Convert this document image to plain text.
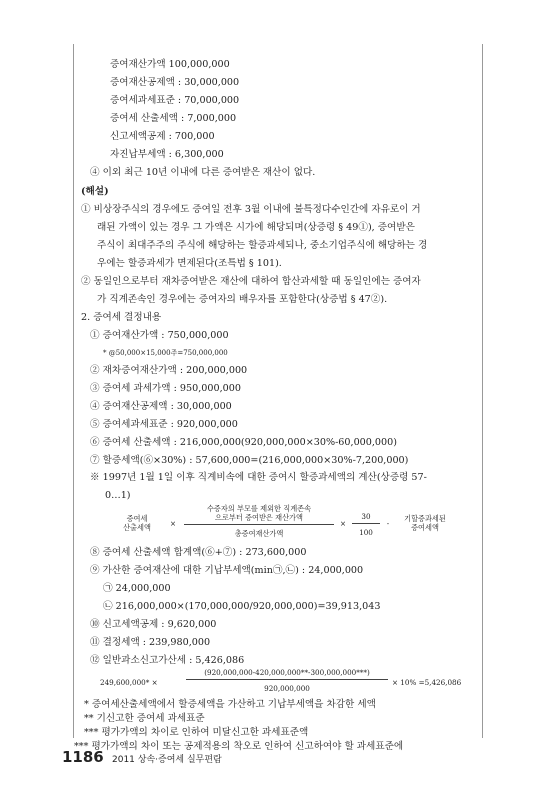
증여재산가액 100,000,000
증여재산공제액 : 30,000,000
증여세과세표준 : 70,000,000
증여세 산출세액 : 7,000,000
신고세액공제 : 700,000
자진납부세액 : 6,300,000
④ 이외 최근 10년 이내에 다른 증여받은 재산이 없다.
(해설)
① 비상장주식의 경우에도 증여일 전후 3월 이내에 불특정다수인간에 자유로이 거
래된 가액이 있는 경우 그 가액은 시가에 해당되며(상증령 § 49①), 증여받은
주식이 최대주주의 주식에 해당하는 할증과세되나, 중소기업주식에 해당하는 경
우에는 할증과세가 면제된다(조특법 § 101).
② 동일인으로부터 재차증여받은 재산에 대하여 합산과세할 때 동일인에는 증여자
가 직계존속인 경우에는 증여자의 배우자를 포함한다(상증법 § 47②).
2. 증여세 결정내용
① 증여재산가액 : 750,000,000
* @50,000×15,000주=750,000,000
② 재차증여재산가액 : 200,000,000
③ 증여세 과세가액 : 950,000,000
④ 증여재산공제액 : 30,000,000
⑤ 증여세과세표준 : 920,000,000
⑥ 증여세 산출세액 : 216,000,000(920,000,000×30%-60,000,000)
⑦ 할증세액(⑥×30%) : 57,600,000=(216,000,000×30%-7,200,000)
※ 1997년 1월 1일 이후 직계비속에 대한 증여시 할증과세액의 계산(상증령 57-
0…1)
증여세
산출세액	×
수증자의 부모를 제외한 직계존속
으로부터 증여받은 재산가액
총증여재산가액
×
30
100
-
기할증과세된
증여세액
⑧ 증여세 산출세액 합계액(⑥+⑦) : 273,600,000
⑨ 가산한 증여재산에 대한 기납부세액(min㉠,㉡) : 24,000,000
㉠ 24,000,000
㉡ 216,000,000×(170,000,000/920,000,000)=39,913,043
⑩ 신고세액공제 : 9,620,000
⑪ 결정세액 : 239,980,000
⑫ 일반과소신고가산세 : 5,426,086
249,600,000* ×
(920,000,000-420,000,000**-300,000,000***)
920,000,000
× 10% =5,426,086
* 증여세산출세액에서 할증세액을 가산하고 기납부세액을 차감한 세액
** 기신고한 증여세 과세표준
*** 평가가액의 차이로 인하여 미달신고한 과세표준액
*** 평가가액의 차이 또는 공제적용의 착오로 인하여 신고하여야 할 과세표준에
1186 2011 상속·증여세 실무편람
